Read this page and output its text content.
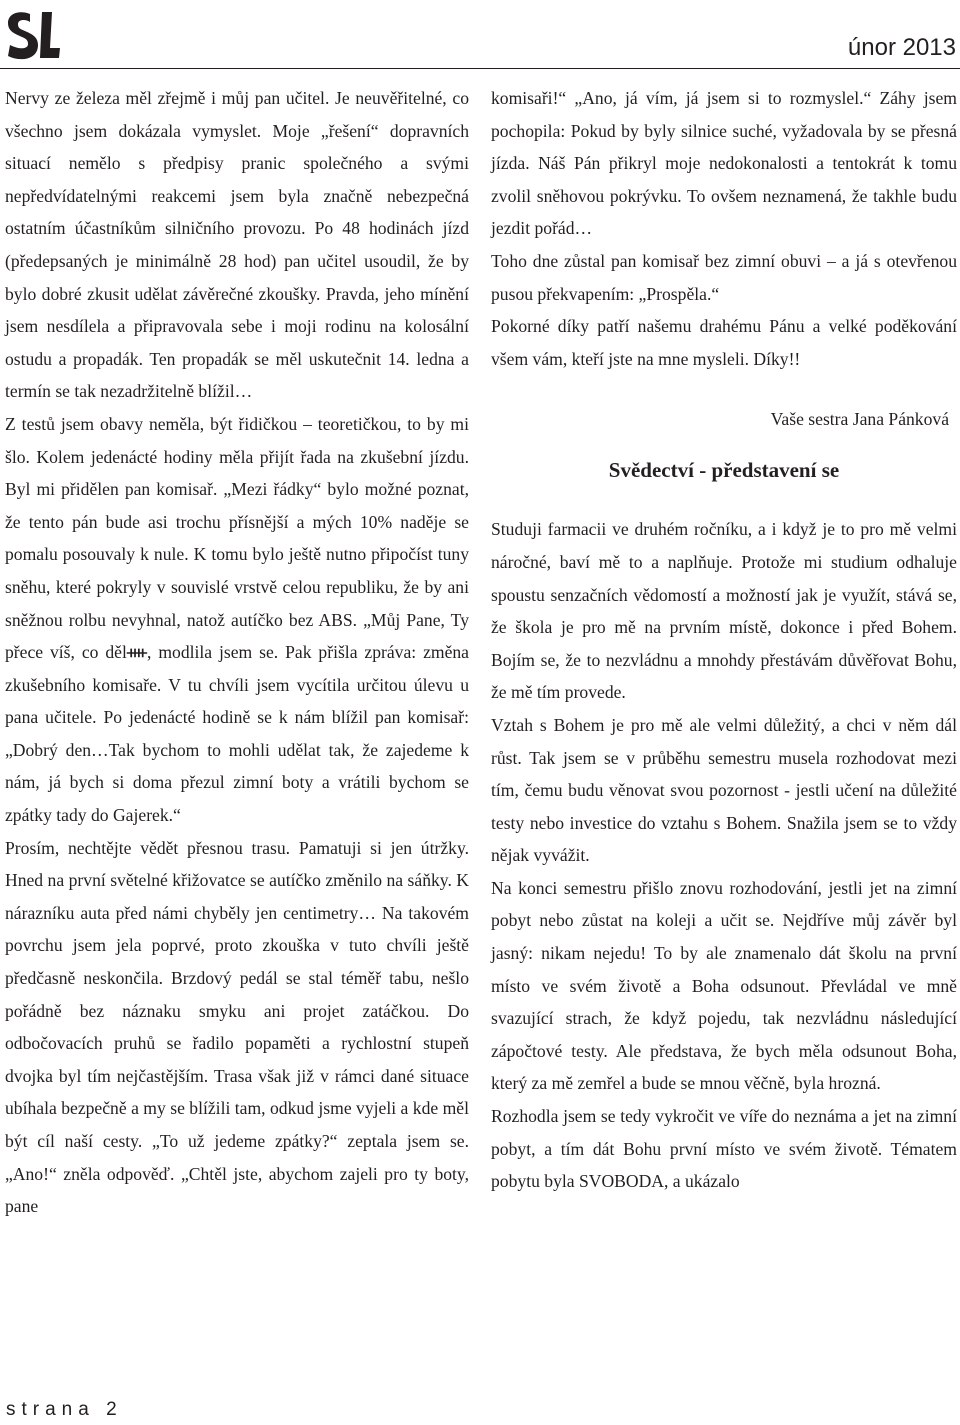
únor 2013

Nervy ze železa měl zřejmě i můj pan učitel. Je neuvěřitelné, co všechno jsem dokázala vymyslet. Moje „řešení“ dopravních situací nemělo s předpisy pranic společného a svými nepředvídatelnými reakcemi jsem byla značně nebezpečná ostatním účastníkům silničního provozu. Po 48 hodinách jízd (předepsaných je minimálně 28 hod) pan učitel usoudil, že by bylo dobré zkusit udělat závěrečné zkoušky. Pravda, jeho mínění jsem nesdílela a připravovala sebe i moji rodinu na kolosální ostudu a propadák. Ten propadák se měl uskutečnit 14. ledna a termín se tak nezadržitelně blížil…

Z testů jsem obavy neměla, být řidičkou – teoretičkou, to by mi šlo. Kolem jedenácté hodiny měla přijít řada na zkušební jízdu. Byl mi přidělen pan komisař. „Mezi řádky“ bylo možné poznat, že tento pán bude asi trochu přísnější a mých 10% naděje se pomalu posouvaly k nule. K tomu bylo ještě nutno připočíst tuny sněhu, které pokryly v souvislé vrstvě celou republiku, že by ani sněžnou rolbu nevyhnal, natož autíčko bez ABS. „Můj Pane, Ty přece víš, co dělᚓ, modlila jsem se. Pak přišla zpráva: změna zkušebního komisaře. V tu chvíli jsem vycítila určitou úlevu u pana učitele. Po jedenácté hodině se k nám blížil pan komisař: „Dobrý den…Tak bychom to mohli udělat tak, že zajedeme k nám, já bych si doma přezul zimní boty a vrátili bychom se zpátky tady do Gajerek.“

Prosím, nechtějte vědět přesnou trasu. Pamatuji si jen útržky. Hned na první světelné křižovatce se autíčko změnilo na sáňky. K nárazníku auta před námi chyběly jen centimetry… Na takovém povrchu jsem jela poprvé, proto zkouška v tuto chvíli ještě předčasně neskončila. Brzdový pedál se stal téměř tabu, nešlo pořádně bez náznaku smyku ani projet zatáčkou. Do odbočovacích pruhů se řadilo popaměti a rychlostní stupeň dvojka byl tím nejčastějším. Trasa však již v rámci dané situace ubíhala bezpečně a my se blížili tam, odkud jsme vyjeli a kde měl být cíl naší cesty. „To už jedeme zpátky?“ zeptala jsem se. „Ano!“ zněla odpověď. „Chtěl jste, abychom zajeli pro ty boty, pane

komisaři!“ „Ano, já vím, já jsem si to rozmyslel.“ Záhy jsem pochopila: Pokud by byly silnice suché, vyžadovala by se přesná jízda. Náš Pán přikryl moje nedokonalosti a tentokrát k tomu zvolil sněhovou pokrývku. To ovšem neznamená, že takhle budu jezdit pořád…

Toho dne zůstal pan komisař bez zimní obuvi – a já s otevřenou pusou překvapením: „Prospěla.“

Pokorné díky patří našemu drahému Pánu a velké poděkování všem vám, kteří jste na mne mysleli. Díky!!

Vaše sestra Jana Pánková
Svědectví - představení se

Studuji farmacii ve druhém ročníku, a i když je to pro mě velmi náročné, baví mě to a naplňuje. Protože mi studium odhaluje spoustu senzačních vědomostí a možností jak je využít, stává se, že škola je pro mě na prvním místě, dokonce i před Bohem. Bojím se, že to nezvládnu a mnohdy přestávám důvěřovat Bohu, že mě tím provede.

Vztah s Bohem je pro mě ale velmi důležitý, a chci v něm dál růst. Tak jsem se v průběhu semestru musela rozhodovat mezi tím, čemu budu věnovat svou pozornost - jestli učení na důležité testy nebo investice do vztahu s Bohem. Snažila jsem se to vždy nějak vyvážit.

Na konci semestru přišlo znovu rozhodování, jestli jet na zimní pobyt nebo zůstat na koleji a učit se. Nejdříve můj závěr byl jasný: nikam nejedu! To by ale znamenalo dát školu na první místo ve svém životě a Boha odsunout. Převládal ve mně svazující strach, že když pojedu, tak nezvládnu následující zápočtové testy. Ale představa, že bych měla odsunout Boha, který za mě zemřel a bude se mnou věčně, byla hrozná.

Rozhodla jsem se tedy vykročit ve víře do neznáma a jet na zimní pobyt, a tím dát Bohu první místo ve svém životě. Tématem pobytu byla SVOBODA, a ukázalo

strana 2
